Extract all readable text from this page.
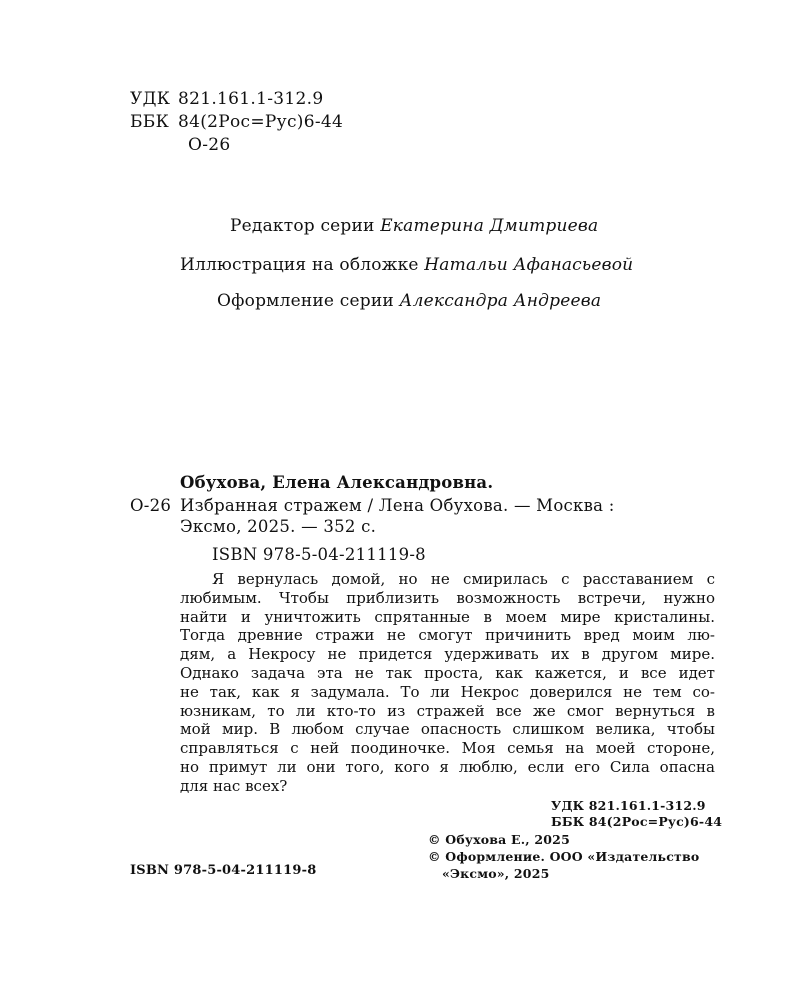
УДК 821.161.1-312.9
ББК 84(2Рос=Рус)6-44
О-26
Редактор серии Екатерина Дмитриева
Иллюстрация на обложке Натальи Афанасьевой
Оформление серии Александра Андреева
Обухова, Елена Александровна.
О-26 Избранная стражем / Лена Обухова. — Москва :
Эксмо, 2025. — 352 с.
ISBN 978-5-04-211119-8

Я вернулась домой, но не смирилась с расставанием с

любимым. Чтобы приблизить возможность встречи, нужно

найти и уничтожить спрятанные в моем мире кристалины.

Тогда древние стражи не смогут причинить вред моим лю-

дям, а Некросу не придется удерживать их в другом мире.

Однако задача эта не так проста, как кажется, и все идет

не так, как я задумала. То ли Некрос доверился не тем со-

юзникам, то ли кто-то из стражей все же смог вернуться в

мой мир. В любом случае опасность слишком велика, чтобы

справляться с ней поодиночке. Моя семья на моей стороне,

но примут ли они того, кого я люблю, если его Сила опасна

для нас всех?

УДК 821.161.1-312.9
ББК 84(2Рос=Рус)6-44
ISBN 978-5-04-211119-8
© Обухова Е., 2025
© Оформление. ООО «Издательство
«Эксмо», 2025
